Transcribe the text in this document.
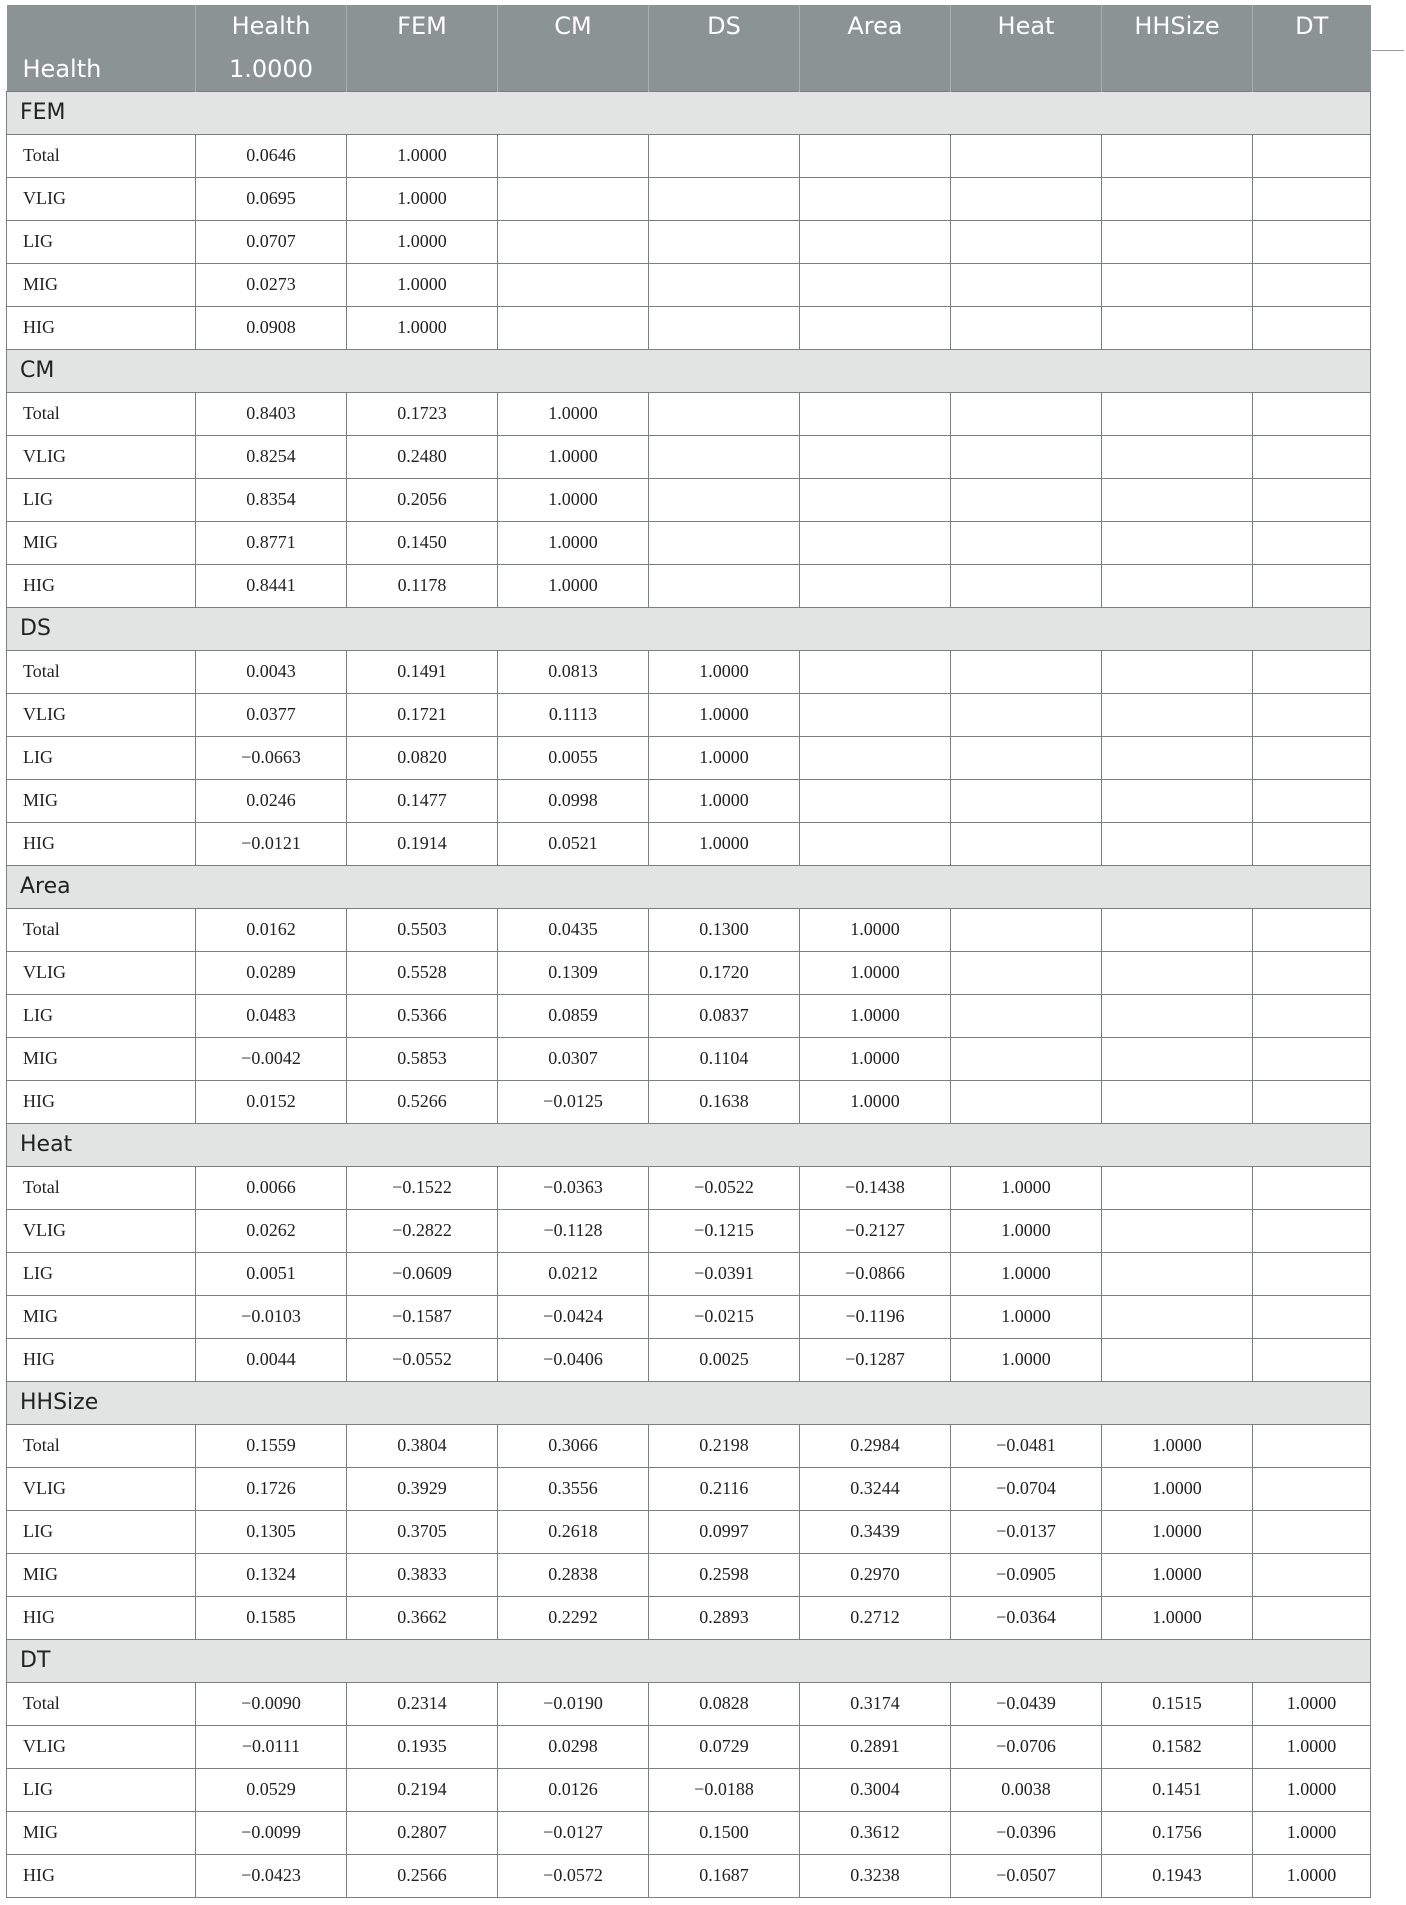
	Health	FEM	CM	DS	Area	Heat	HHSize	DT
Health	1.0000							
FEM								
Total	0.0646	1.0000						
VLIG	0.0695	1.0000						
LIG	0.0707	1.0000						
MIG	0.0273	1.0000						
HIG	0.0908	1.0000						
CM								
Total	0.8403	0.1723	1.0000					
VLIG	0.8254	0.2480	1.0000					
LIG	0.8354	0.2056	1.0000					
MIG	0.8771	0.1450	1.0000					
HIG	0.8441	0.1178	1.0000					
DS								
Total	0.0043	0.1491	0.0813	1.0000				
VLIG	0.0377	0.1721	0.1113	1.0000				
LIG	−0.0663	0.0820	0.0055	1.0000				
MIG	0.0246	0.1477	0.0998	1.0000				
HIG	−0.0121	0.1914	0.0521	1.0000				
Area								
Total	0.0162	0.5503	0.0435	0.1300	1.0000			
VLIG	0.0289	0.5528	0.1309	0.1720	1.0000			
LIG	0.0483	0.5366	0.0859	0.0837	1.0000			
MIG	−0.0042	0.5853	0.0307	0.1104	1.0000			
HIG	0.0152	0.5266	−0.0125	0.1638	1.0000			
Heat								
Total	0.0066	−0.1522	−0.0363	−0.0522	−0.1438	1.0000		
VLIG	0.0262	−0.2822	−0.1128	−0.1215	−0.2127	1.0000		
LIG	0.0051	−0.0609	0.0212	−0.0391	−0.0866	1.0000		
MIG	−0.0103	−0.1587	−0.0424	−0.0215	−0.1196	1.0000		
HIG	0.0044	−0.0552	−0.0406	0.0025	−0.1287	1.0000		
HHSize								
Total	0.1559	0.3804	0.3066	0.2198	0.2984	−0.0481	1.0000	
VLIG	0.1726	0.3929	0.3556	0.2116	0.3244	−0.0704	1.0000	
LIG	0.1305	0.3705	0.2618	0.0997	0.3439	−0.0137	1.0000	
MIG	0.1324	0.3833	0.2838	0.2598	0.2970	−0.0905	1.0000	
HIG	0.1585	0.3662	0.2292	0.2893	0.2712	−0.0364	1.0000	
DT								
Total	−0.0090	0.2314	−0.0190	0.0828	0.3174	−0.0439	0.1515	1.0000
VLIG	−0.0111	0.1935	0.0298	0.0729	0.2891	−0.0706	0.1582	1.0000
LIG	0.0529	0.2194	0.0126	−0.0188	0.3004	0.0038	0.1451	1.0000
MIG	−0.0099	0.2807	−0.0127	0.1500	0.3612	−0.0396	0.1756	1.0000
HIG	−0.0423	0.2566	−0.0572	0.1687	0.3238	−0.0507	0.1943	1.0000
